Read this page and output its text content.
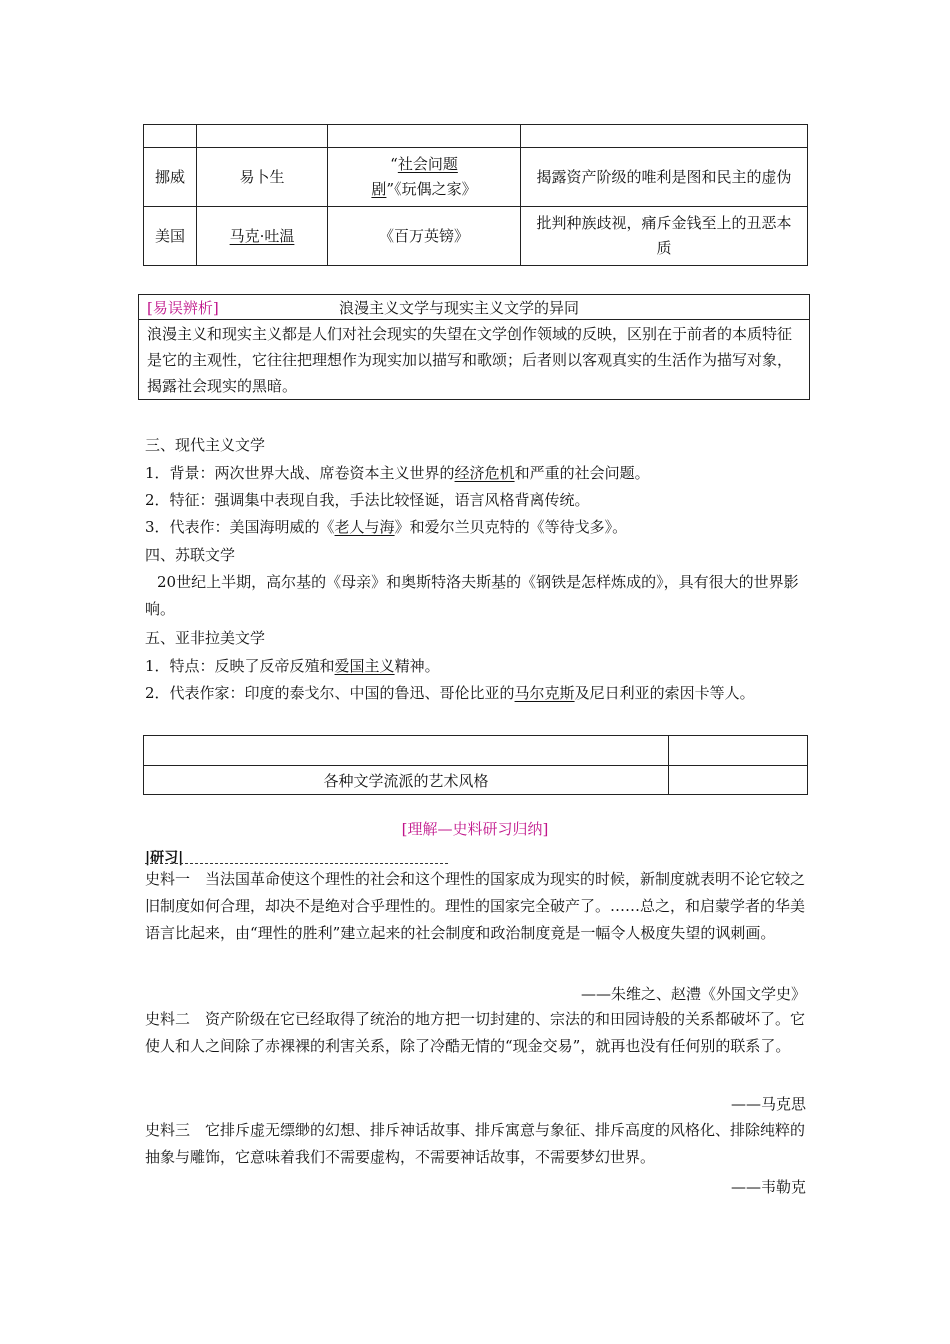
挪威	易卜生	“社会问题剧”《玩偶之家》	揭露资产阶级的唯利是图和民主的虚伪
美国	马克·吐温	《百万英镑》	批判种族歧视，痛斥金钱至上的丑恶本质
[易误辨析]	浪漫主义文学与现实主义文学的异同
浪漫主义和现实主义都是人们对社会现实的失望在文学创作领域的反映，区别在于前者的本质特征是它的主观性，它往往把理想作为现实加以描写和歌颂；后者则以客观真实的生活作为描写对象，揭露社会现实的黑暗。
三、现代主义文学
1．背景：两次世界大战、席卷资本主义世界的经济危机和严重的社会问题。
2．特征：强调集中表现自我，手法比较怪诞，语言风格背离传统。
3．代表作：美国海明威的《老人与海》和爱尔兰贝克特的《等待戈多》。
四、苏联文学
20世纪上半期，高尔基的《母亲》和奥斯特洛夫斯基的《钢铁是怎样炼成的》，具有很大的世界影响。
五、亚非拉美文学
1．特点：反映了反帝反殖和爱国主义精神。
2．代表作家：印度的泰戈尔、中国的鲁迅、哥伦比亚的马尔克斯及尼日利亚的索因卡等人。

各种文学流派的艺术风格	
[理解—史料研习归纳]
|研习|
史料一　当法国革命使这个理性的社会和这个理性的国家成为现实的时候，新制度就表明不论它较之旧制度如何合理，却决不是绝对合乎理性的。理性的国家完全破产了。……总之，和启蒙学者的华美语言比起来，由“理性的胜利”建立起来的社会制度和政治制度竟是一幅令人极度失望的讽刺画。
——朱维之、赵澧《外国文学史》
史料二　资产阶级在它已经取得了统治的地方把一切封建的、宗法的和田园诗般的关系都破坏了。它使人和人之间除了赤裸裸的利害关系，除了冷酷无情的“现金交易”，就再也没有任何别的联系了。
——马克思
史料三　它排斥虚无缥缈的幻想、排斥神话故事、排斥寓意与象征、排斥高度的风格化、排除纯粹的抽象与雕饰，它意味着我们不需要虚构，不需要神话故事，不需要梦幻世界。
——韦勒克
